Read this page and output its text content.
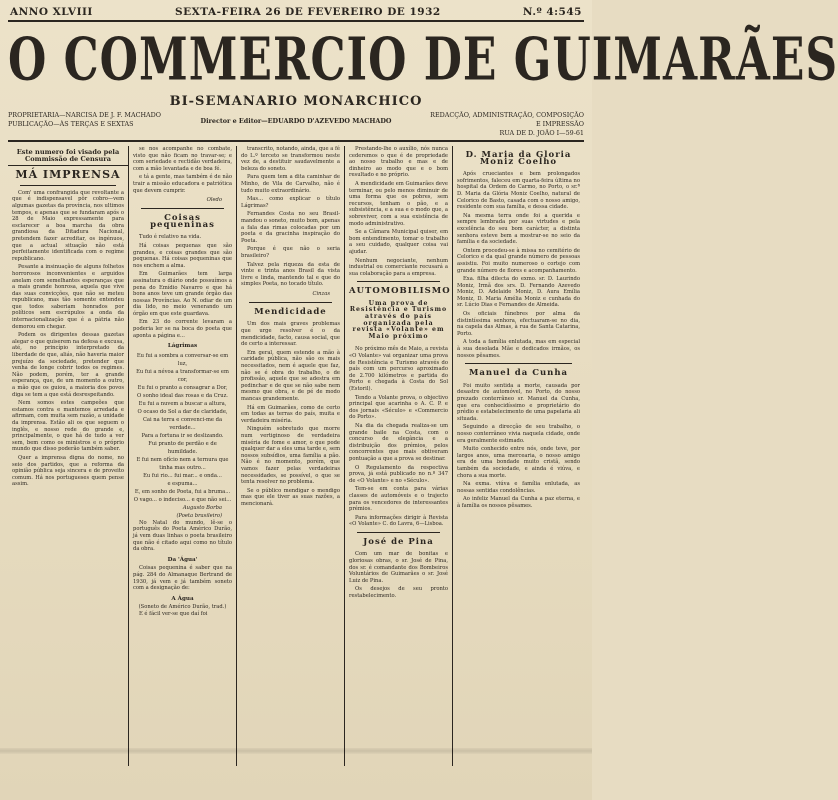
ANNO XLVIII	SEXTA-FEIRA 26 DE FEVEREIRO DE 1932	N.º 4:545
O COMMERCIO DE GUIMARÃES
BI-SEMANARIO MONARCHICO
PROPRIETARIA—NARCISA DE J. F. MACHADO
PUBLICAÇÃO—ÀS TERÇAS E SEXTAS	Director e Editor—EDUARDO D'AZEVEDO MACHADO
REDACÇÃO, ADMINISTRAÇÃO, COMPOSIÇÃO
E IMPRESSÃO
RUA DE D. JOÃO I—59-61
Este numero foi visado pela Commissão de Censura
MÁ IMPRENSA

Com' uma confrangida que revoltante a que é indispensavel pôr cobro—vem algumas gazetas da província, nos ultimos tempos, e apenas que se fundaram após o 28 de Maio expressamente para esclarecer a boa marcha da obra grandiosa da Ditadura Nacional, pretendem fazer acreditar, os ingénuos, que a actual situação não está perfeitamente identificada com o regime republicano.

Pesante a insinuação de alguns folhetos horrorosos inconvenientes e arguidos anelam com semelhantes esperanças que a mais grande honrosa, aquela que vive das suas convicções, que não se meteu republicano, mas tão somente entendeu que todos saberiam honrados por políticos sem escrúpulos a onda da internacionalização que é a pátria não demorou em chegar.

Podem os dirigentes dessas gazetas alegar o que quiserem na defesa e excusa, até, no princípio interpretado da liberdade de que, aliás, não haveria maior prejuízo da sociedade, pretender que venha de longe cobrir todos os regimes. Não podem, porém, ter a grande esperança, que, de um momento a outro, a mão que os guiou, a maioria dos povos diga se tem a que está desrespeitando.

Nem somos estes campeões que estamos contra e mantemos arredada e afirmam, com muita sem razão, a unidade da imprensa. Estão ali os que seguem o inglês, e nosso rede do grande e, principalmente, o que há de tudo a ver sem, bem como os ministros e o próprio mundo que disso poderão também saber.

Quer a imprensa digna do nome, no seio dos partidos, que a reforma da opinião pública seja sincera e de proveito comum. Há nos portugueses quem pense assim.

se nos acompanhe no combate, visto que não ficam no travar-se; e com seriedade e rectidão verdadeira, com a mão levantada e de boa fé.

e tá a gente, mas também é de não trair a missão educadora e patriótica que devem cumprir.

Oledo
Coisas pequeninas

Tudo é relativo na vida.

Há coisas pequenas que são grandes, e coisas grandes que são pequenas. Há coisas pequeninas que nos enchem a alma.

Em Guimarães tem larga assinatura o diário onde possuímos a pena do Emídio Navarro e que há bons anos teve um grande órgão das nossas Províncias. Ao N. odiar de um dia lido, no meio venerando um órgão em que este guardava.

Em 23 do corrente levaram a poderia ler se na boca do poeta que aponta a página e...

Lágrimas
Eu fui a sombra a conversar-se em luz,
Eu fui a névoa a transformar-se em cor,
Eu fui o pranto a consagrar a Dor,
O sonho ideal das rosas e da Cruz.
Eu fui a nuvem a buscar a altura,
O ocaso do Sol a dar de claridade,
Cai na terra e convenci-me da verdade...
Para a fortuna ir se deslizando.
Fui pranto de perdão e de humildade.
E fui nem ofício nem a ternura que
tinha mas outro...
Eu fui rio... fui mar... e onda...
e espuma...
E, em sonho de Poeta, fui a bruma...
O vago... o indeciso... e que não sei...
Augusto Borba
(Poeta brasileiro)

No Natal do mundo, lê-se o português do Poeta Américo Durão, já vem duas linhas o poeta brasileiro que não é citado aqui como no título da obra.

Da 'Água'

Coisas pequenina é saber que na pág. 284 do Almanaque Bertrand de 1930, já vem e já também soneto com a designação de:

A Água
(Soneto de Américo Durão, trad.)

E é fácil ver-se que daí foi

transcrito, notando, ainda, que a fé do L.º terceto se transformou neste vez de, a destituir saudavelmente a beleza do soneto.

Para quem tem a dita caminhar de Minho, de Vila de Carvalho, não é tudo muito extraordinário.

Mas... como explicar o título Lágrimas?

Fernandes Costa no seu Brasil-mandou o soneto, muito bom, apenas a fala das rimas colocadas por um poeta e da gracinha inspiração do Poeta.

Porque é que não o seria brasileiro?

Talvez pela riqueza da esta de vinte e trinta anos Brasil da vista livre e linda, mantendo tal e que do simples Poeta, no tocado título.

Cinzas
Mendicidade

Um dos mais graves problemas que urge resolver é o da mendicidade, facto, causa social, que de certo a interessar.

Em geral, quem estende a mão à caridade pública, não são os mais necessitados, nem é aquele que faz, não se é obra do trabalho, o de profissão, aquele que se adestra em pedinchar e de que se não sabe nem mesmo que obra, e de pé de modo mancas grandemente.

Há em Guimarães, como de certo em todas as terras do país, muita e verdadeira miséria.

Ninguém sobretudo que morre num vertiginoso de verdadeira miséria de fome e amor, o que pode qualquer dar a eles uma tarde e, sem nossos subsídios, uma família a pão. Não é no momento, porém, que vamos fazer pelas verdadeiras necessidades, se possível, o que se tenta resolver no problema.

Se o público mendigar o mendigo mas que ele tiver as suas razões, a mencionará.

Prestando-lhe o auxílio, nós nunca cederemos o que é de propriedade ao nosso trabalho e mas e de dinheiro ao modo que e o bom resultado e no próprio.

A mendicidade em Guimarães deve terminar, ou pelo menos diminuir de uma forma que os pobres, sem recursos, tenham o pão, e a subsistência, e a sua e o modo que, a sobreviver, com a sua existência de modo administrativo.

Se a Câmara Municipal quiser, em bom entendimento, tomar o trabalho a seu cuidado, qualquer coisa vai ajudar.

Nenhum negociante, nenhum industrial ou comerciante recusará a sua colaboração para a empresa.

AUTOMOBILISMO
Uma prova de Resistência e Turismo através do país organizada pela revista «Volante» em Maio próximo

No próximo mês de Maio, a revista «O Volante» vai organizar uma prova de Resistência e Turismo através do país com um percurso aproximado de 2.700 kilómetros e partida do Porto e chegada à Costa do Sol (Estoril).

Tendo a Volante prova, o objectivo principal que acarinha o A. C. P. e dos jornais «Século» e «Commercio do Porto».

Na dia da chegada realiza-se um grande baile na Costa, com o concurso de elegância e a distribuição dos prémios, pelos concorrentes que mais obtiveram pontuação a que a prova se destinar.

O Regulamento da respectiva prova, já está publicado no n.º 347 de «O Volante» e no «Século».

Tem-se em conta para várias classes de automóveis e o trajecto para os vencedores de interessantes prémios.

Para informações dirigir à Revista «O Volante» C. do Lavra, 6—Lisboa.

José de Pina

Com um mar de bonitas e gloriosas obras, o sr. José de Pina, dos sr. é comandante dos Bombeiros Voluntários de Guimarães o sr. José Luiz de Pina.

Os desejos de seu pronto restabelecimento.

D. Maria da Gloria Moniz Coelho

Após crueciantes e bem prolongados sofrimentos, faleceu em quarta-feira última no hospital da Ordem do Carmo, no Porto, o sr.ª D. Maria da Glória Moniz Coelho, natural de Celorico de Basto, casada com o nosso amigo, residente com sua família, e dessa cidade.

Na mesma terra onde foi a querida e sempre lembrada por suas virtudes e pela excelência do seu bom carácter, a distinta senhora esteve bem a mostrar-se no seio da família e da sociedade.

Ontem procedeu-se à missa no cemitério de Celorico e da qual grande número de pessoas assistiu. Foi muito numeroso o cortejo com grande número de flores e acompanhamento.

Exa. filha dilecta do exmo. sr. D. Laurindo Moniz, Irmã dos srs. D. Fernando Azevedo Moniz, D. Adelaide Moniz, D. Aura Emília Moniz, D. Maria Amélia Moniz e cunhada do sr. Lúcio Dias e Fernandes de Almeida.

Os oficiais fúnebres por alma da distintíssima senhora, efectuaram-se no dia, na capela das Almas, à rua de Santa Catarina, Porto.

A toda a família enlutada, mas em especial à sua desolada Mãe e dedicados irmãos, os nossos pêsames.

Manuel da Cunha

Foi muito sentida a morte, causada por desastre de automóvel, no Porto, do nosso prezado conterrâneo sr. Manuel da Cunha, que era conhecidíssimo e proprietário do prédio e estabelecimento de uma papelaria ali situada.

Seguindo a direcção de seu trabalho, o nosso conterrâneo vivia naquela cidade, onde era geralmente estimado.

Muito conhecido entre nós, onde teve, por largos anos, uma mercearia, o nosso amigo era de uma bondade muito cristã, sendo também da sociedade, e ainda é viúva, e chora a sua morte.

Na exma. viúva e família enlutada, as nossas sentidas condolências.

Ao infeliz Manuel da Cunha a paz eterna, e à família os nossos pêsames.
